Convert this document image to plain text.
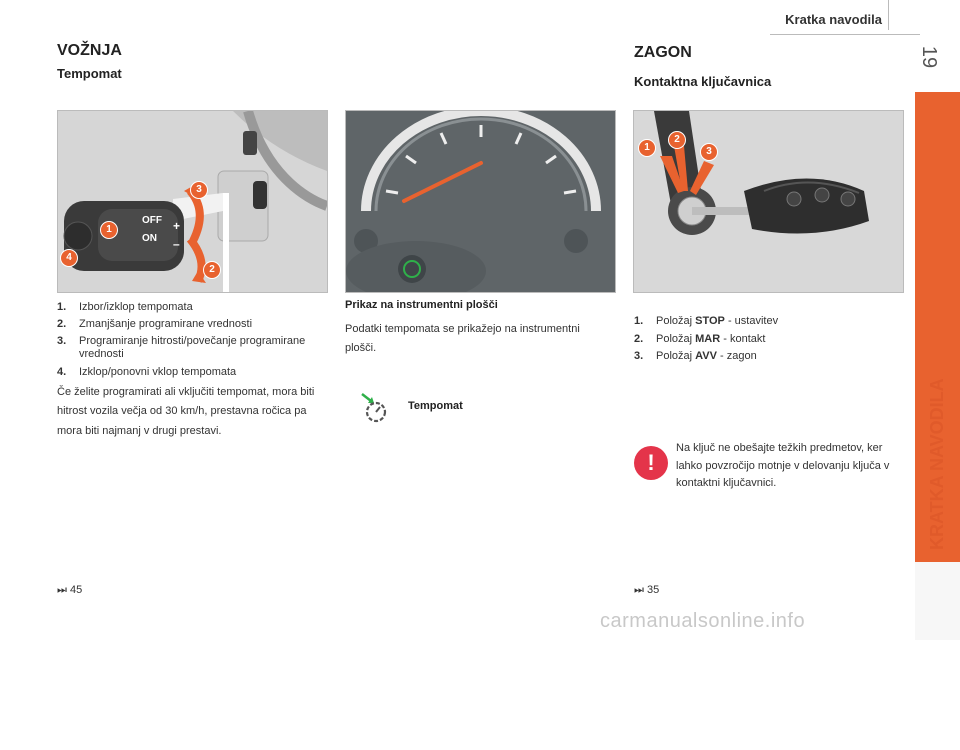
Kratka navodila
19
KRATKA NAVODILA
VOŽNJA
Tempomat
OFF
ON
+
–
1
2
3
4
1.	Izbor/izklop tempomata
2.	Zmanjšanje programirane vrednosti
3.	Programiranje hitrosti/povečanje programirane vrednosti
4.	Izklop/ponovni vklop tempomata
Če želite programirati ali vključiti tempomat, mora biti hitrost vozila večja od 30 km/h, prestavna ročica pa mora biti najmanj v drugi prestavi.
⏭ 45
Prikaz na instrumentni plošči
Podatki tempomata se prikažejo na instrumentni plošči.
Tempomat
ZAGON
Kontaktna ključavnica
1
2
3
1.	Položaj STOP - ustavitev
2.	Položaj MAR - kontakt
3.	Položaj AVV - zagon
!
Na ključ ne obešajte težkih predmetov, ker lahko povzročijo motnje v delovanju ključa v kontaktni ključavnici.
⏭ 35
carmanualsonline.info
